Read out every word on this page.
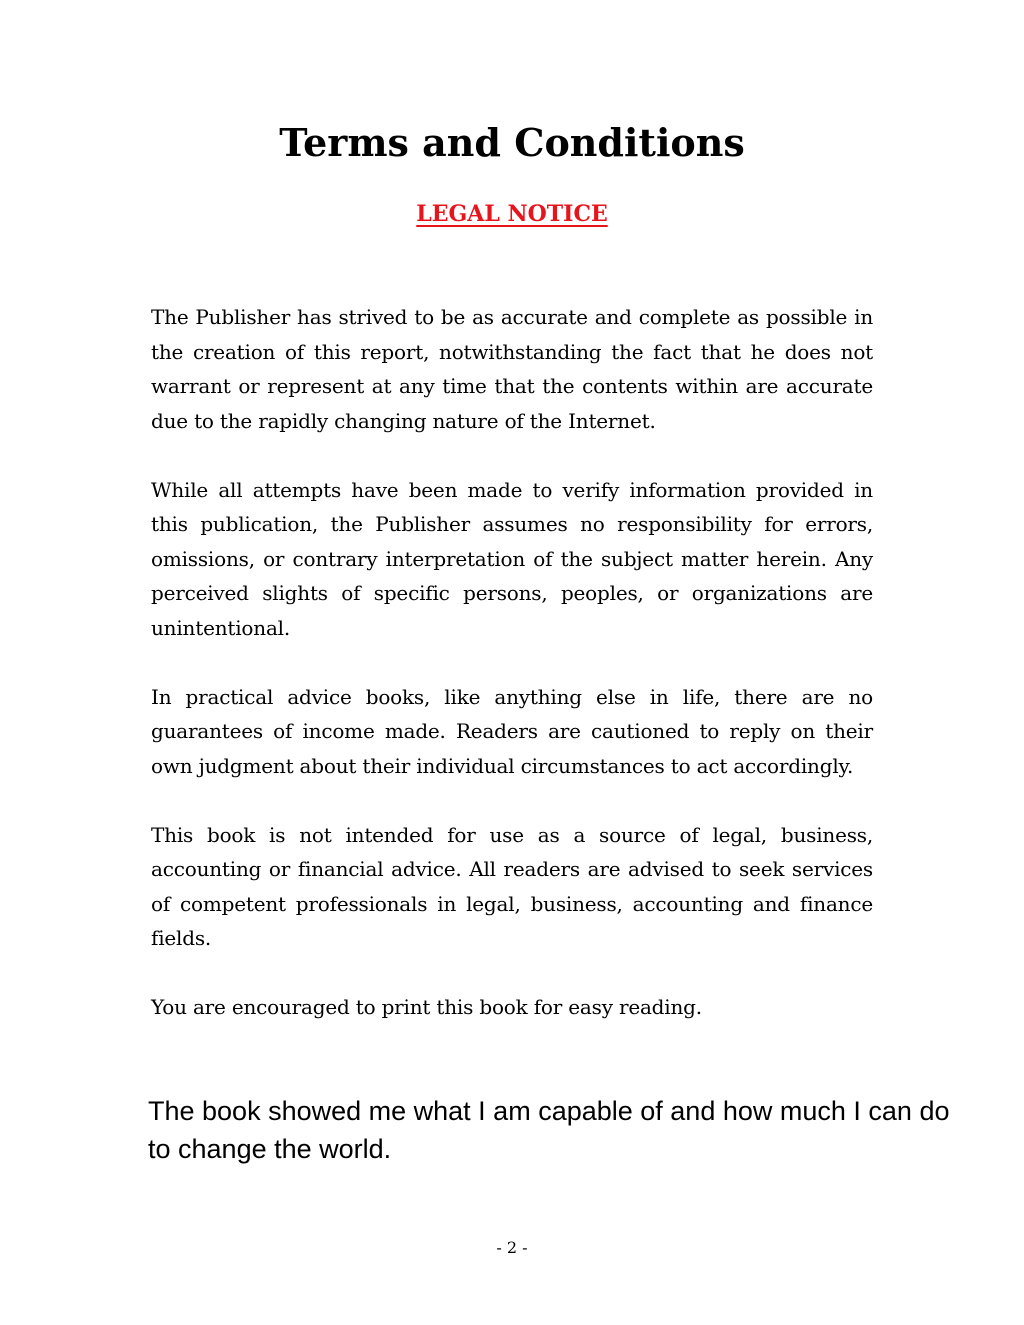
Terms and Conditions
LEGAL NOTICE

The Publisher has strived to be as accurate and complete as possible in the creation of this report, notwithstanding the fact that he does not warrant or represent at any time that the contents within are accurate due to the rapidly changing nature of the Internet.

While all attempts have been made to verify information provided in this publication, the Publisher assumes no responsibility for errors, omissions, or contrary interpretation of the subject matter herein. Any perceived slights of specific persons, peoples, or organizations are unintentional.

In practical advice books, like anything else in life, there are no guarantees of income made. Readers are cautioned to reply on their own judgment about their individual circumstances to act accordingly.

This book is not intended for use as a source of legal, business, accounting or financial advice. All readers are advised to seek services of competent professionals in legal, business, accounting and finance fields.

You are encouraged to print this book for easy reading.

The book showed me what I am capable of and how much I can do to change the world.

- 2 -
